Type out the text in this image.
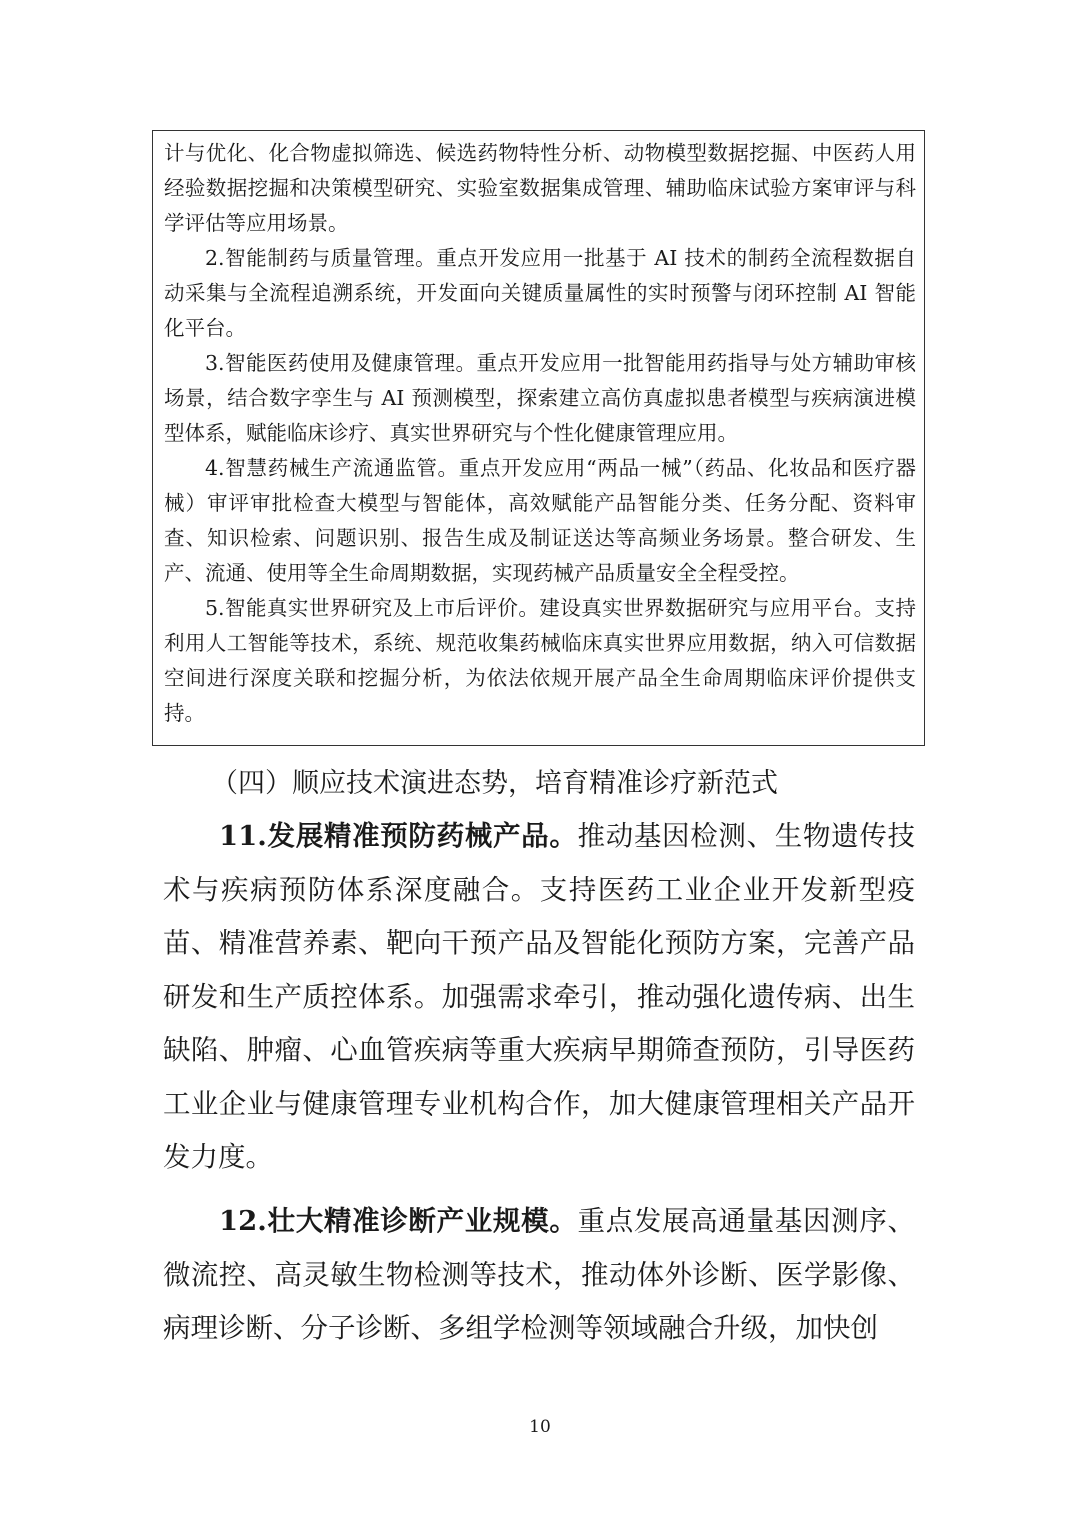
计与优化、化合物虚拟筛选、候选药物特性分析、动物模型数据挖掘、中医药人用经验数据挖掘和决策模型研究、实验室数据集成管理、辅助临床试验方案审评与科学评估等应用场景。

2.智能制药与质量管理。重点开发应用一批基于 AI 技术的制药全流程数据自动采集与全流程追溯系统，开发面向关键质量属性的实时预警与闭环控制 AI 智能化平台。

3.智能医药使用及健康管理。重点开发应用一批智能用药指导与处方辅助审核场景，结合数字孪生与 AI 预测模型，探索建立高仿真虚拟患者模型与疾病演进模型体系，赋能临床诊疗、真实世界研究与个性化健康管理应用。

4.智慧药械生产流通监管。重点开发应用“两品一械”（药品、化妆品和医疗器械）审评审批检查大模型与智能体，高效赋能产品智能分类、任务分配、资料审查、知识检索、问题识别、报告生成及制证送达等高频业务场景。整合研发、生产、流通、使用等全生命周期数据，实现药械产品质量安全全程受控。

5.智能真实世界研究及上市后评价。建设真实世界数据研究与应用平台。支持利用人工智能等技术，系统、规范收集药械临床真实世界应用数据，纳入可信数据空间进行深度关联和挖掘分析，为依法依规开展产品全生命周期临床评价提供支持。

（四）顺应技术演进态势，培育精准诊疗新范式

11.发展精准预防药械产品。推动基因检测、生物遗传技术与疾病预防体系深度融合。支持医药工业企业开发新型疫苗、精准营养素、靶向干预产品及智能化预防方案，完善产品研发和生产质控体系。加强需求牵引，推动强化遗传病、出生缺陷、肿瘤、心血管疾病等重大疾病早期筛查预防，引导医药工业企业与健康管理专业机构合作，加大健康管理相关产品开发力度。

12.壮大精准诊断产业规模。重点发展高通量基因测序、微流控、高灵敏生物检测等技术，推动体外诊断、医学影像、病理诊断、分子诊断、多组学检测等领域融合升级，加快创

10
